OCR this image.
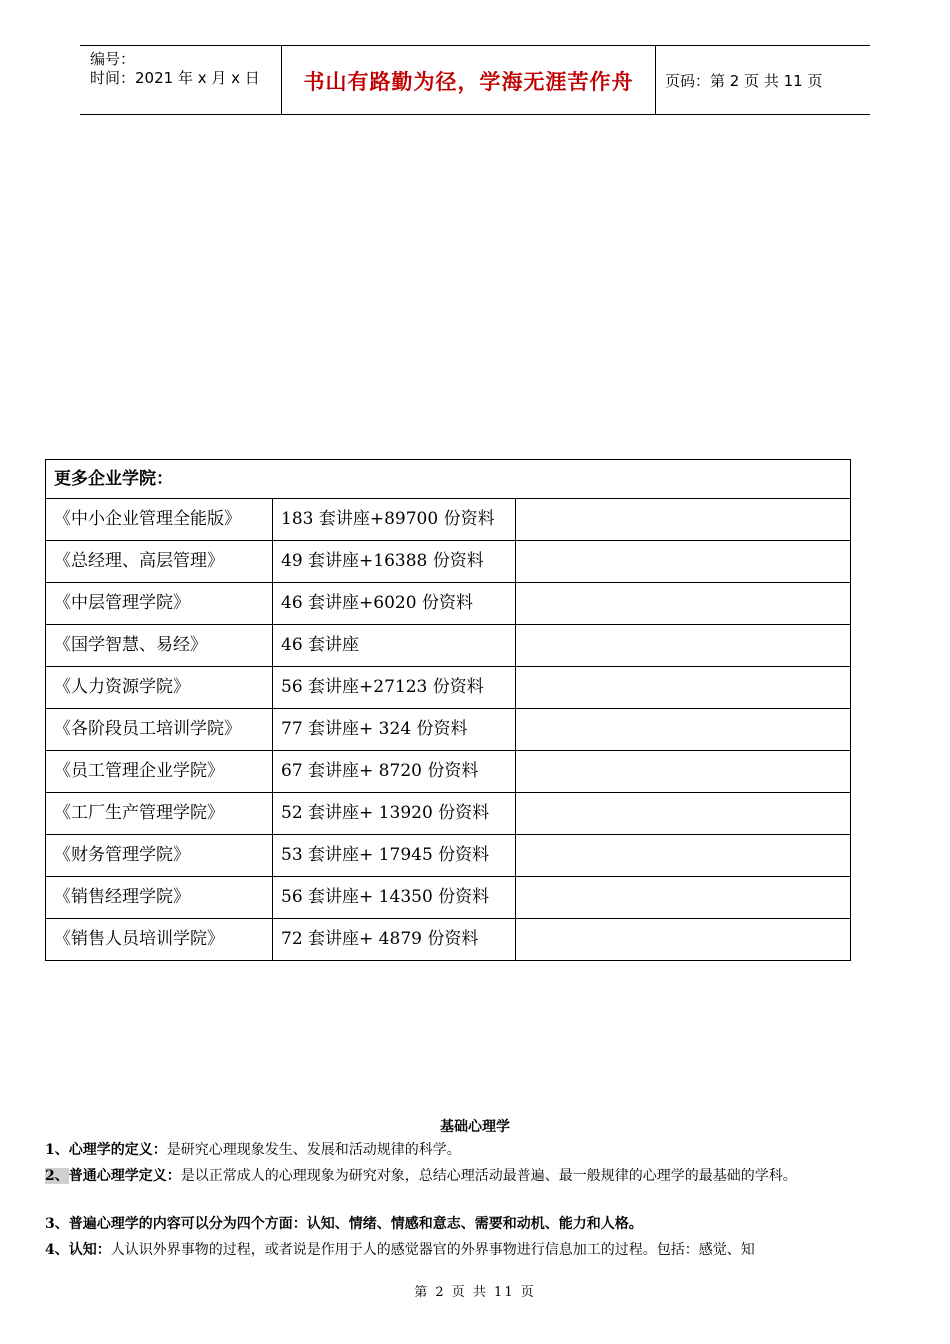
编号：
时间：2021 年 x 月 x 日	书山有路勤为径，学海无涯苦作舟	页码：第 2 页 共 11 页
更多企业学院：		
《中小企业管理全能版》	183 套讲座+89700 份资料	
《总经理、高层管理》	49 套讲座+16388 份资料	
《中层管理学院》	46 套讲座+6020 份资料	
《国学智慧、易经》	46 套讲座	
《人力资源学院》	56 套讲座+27123 份资料	
《各阶段员工培训学院》	77 套讲座+ 324 份资料	
《员工管理企业学院》	67 套讲座+ 8720 份资料	
《工厂生产管理学院》	52 套讲座+ 13920 份资料	
《财务管理学院》	53 套讲座+ 17945 份资料	
《销售经理学院》	56 套讲座+ 14350 份资料	
《销售人员培训学院》	72 套讲座+ 4879 份资料	
基础心理学
1、心理学的定义：是研究心理现象发生、发展和活动规律的科学。
2、普通心理学定义：是以正常成人的心理现象为研究对象，总结心理活动最普遍、最一般规律的心理学的最基础的学科。
3、普遍心理学的内容可以分为四个方面：认知、情绪、情感和意志、需要和动机、能力和人格。
4、认知：人认识外界事物的过程，或者说是作用于人的感觉器官的外界事物进行信息加工的过程。包括：感觉、知
第 2 页 共 11 页
